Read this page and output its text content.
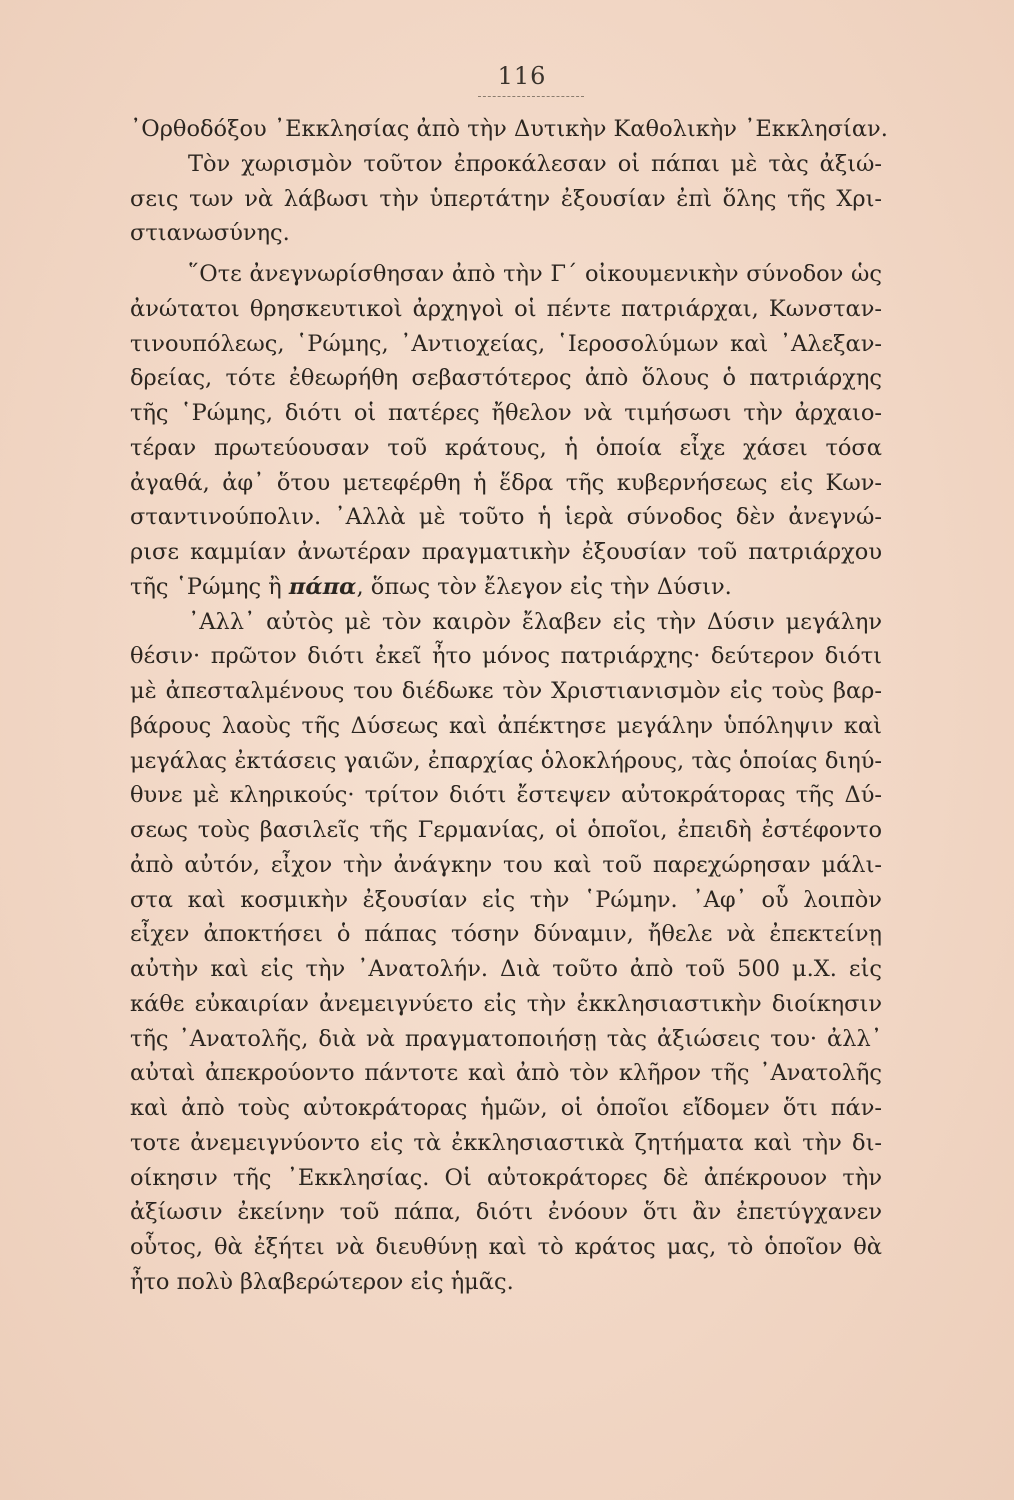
116
᾿Ορθοδόξου ᾿Εκκλησίας ἀπὸ τὴν Δυτικὴν Καθολικὴν ᾿Εκκλησίαν.
Τὸν χωρισμὸν τοῦτον ἐπροκάλεσαν οἱ πάπαι μὲ τὰς ἀξιώ-
σεις των νὰ λάβωσι τὴν ὑπερτάτην ἐξουσίαν ἐπὶ ὅλης τῆς Χρι-
στιανωσύνης.
῞Οτε ἀνεγνωρίσθησαν ἀπὸ τὴν Γ΄ οἰκουμενικὴν σύνοδον ὡς
ἀνώτατοι θρησκευτικοὶ ἀρχηγοὶ οἱ πέντε πατριάρχαι, Κωνσταν-
τινουπόλεως, ῾Ρώμης, ᾿Αντιοχείας, ῾Ιεροσολύμων καὶ ᾿Αλεξαν-
δρείας, τότε ἐθεωρήθη σεβαστότερος ἀπὸ ὅλους ὁ πατριάρχης
τῆς ῾Ρώμης, διότι οἱ πατέρες ἤθελον νὰ τιμήσωσι τὴν ἀρχαιο-
τέραν πρωτεύουσαν τοῦ κράτους, ἡ ὁποία εἶχε χάσει τόσα
ἀγαθά, ἀφ᾿ ὅτου μετεφέρθη ἡ ἕδρα τῆς κυβερνήσεως εἰς Κων-
σταντινούπολιν. ᾿Αλλὰ μὲ τοῦτο ἡ ἱερὰ σύνοδος δὲν ἀνεγνώ-
ρισε καμμίαν ἀνωτέραν πραγματικὴν ἐξουσίαν τοῦ πατριάρχου
τῆς ῾Ρώμης ἢ πάπα, ὅπως τὸν ἔλεγον εἰς τὴν Δύσιν.
᾿Αλλ᾿ αὐτὸς μὲ τὸν καιρὸν ἔλαβεν εἰς τὴν Δύσιν μεγάλην
θέσιν· πρῶτον διότι ἐκεῖ ἦτο μόνος πατριάρχης· δεύτερον διότι
μὲ ἀπεσταλμένους του διέδωκε τὸν Χριστιανισμὸν εἰς τοὺς βαρ-
βάρους λαοὺς τῆς Δύσεως καὶ ἀπέκτησε μεγάλην ὑπόληψιν καὶ
μεγάλας ἐκτάσεις γαιῶν, ἐπαρχίας ὁλοκλήρους, τὰς ὁποίας διηύ-
θυνε μὲ κληρικούς· τρίτον διότι ἔστεψεν αὐτοκράτορας τῆς Δύ-
σεως τοὺς βασιλεῖς τῆς Γερμανίας, οἱ ὁποῖοι, ἐπειδὴ ἐστέφοντο
ἀπὸ αὐτόν, εἶχον τὴν ἀνάγκην του καὶ τοῦ παρεχώρησαν μάλι-
στα καὶ κοσμικὴν ἐξουσίαν εἰς τὴν ῾Ρώμην. ᾿Αφ᾿ οὗ λοιπὸν
εἶχεν ἀποκτήσει ὁ πάπας τόσην δύναμιν, ἤθελε νὰ ἐπεκτείνῃ
αὐτὴν καὶ εἰς τὴν ᾿Ανατολήν. Διὰ τοῦτο ἀπὸ τοῦ 500 μ.Χ. εἰς
κάθε εὐκαιρίαν ἀνεμειγνύετο εἰς τὴν ἐκκλησιαστικὴν διοίκησιν
τῆς ᾿Ανατολῆς, διὰ νὰ πραγματοποιήσῃ τὰς ἀξιώσεις του· ἀλλ᾿
αὐταὶ ἀπεκρούοντο πάντοτε καὶ ἀπὸ τὸν κλῆρον τῆς ᾿Ανατολῆς
καὶ ἀπὸ τοὺς αὐτοκράτορας ἡμῶν, οἱ ὁποῖοι εἴδομεν ὅτι πάν-
τοτε ἀνεμειγνύοντο εἰς τὰ ἐκκλησιαστικὰ ζητήματα καὶ τὴν δι-
οίκησιν τῆς ᾿Εκκλησίας. Οἱ αὐτοκράτορες δὲ ἀπέκρουον τὴν
ἀξίωσιν ἐκείνην τοῦ πάπα, διότι ἐνόουν ὅτι ἂν ἐπετύγχανεν
οὗτος, θὰ ἐξήτει νὰ διευθύνῃ καὶ τὸ κράτος μας, τὸ ὁποῖον θὰ
ἦτο πολὺ βλαβερώτερον εἰς ἡμᾶς.
